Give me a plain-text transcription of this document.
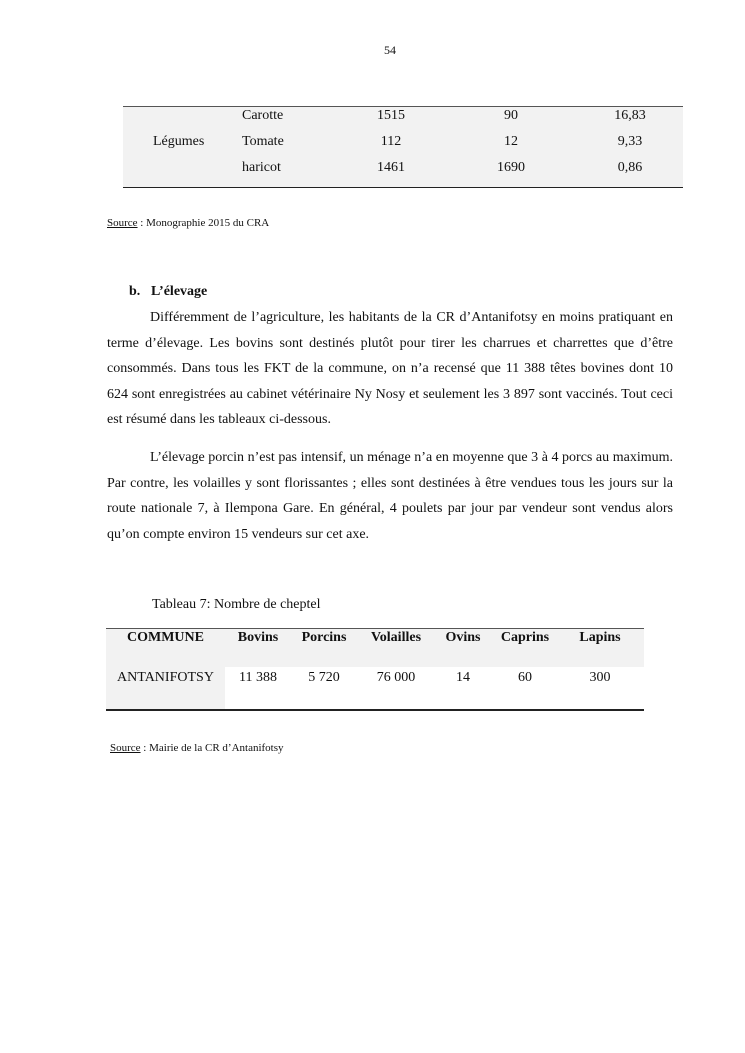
54
Légumes
Carotte	1515	90	16,83
Tomate	112	12	9,33
haricot	1461	1690	0,86
Source : Monographie 2015 du CRA
b. L’élevage

Différemment de l’agriculture, les habitants de la CR d’Antanifotsy en moins pratiquant en terme d’élevage. Les bovins sont destinés plutôt pour tirer les charrues et charrettes que d’être consommés. Dans tous les FKT de la commune, on n’a recensé que 11 388 têtes bovines dont 10 624 sont enregistrées au cabinet vétérinaire Ny Nosy et seulement les 3 897 sont vaccinés. Tout ceci est résumé dans les tableaux ci-dessous.

L’élevage porcin n’est pas intensif, un ménage n’a en moyenne que 3 à 4 porcs au maximum. Par contre, les volailles y sont florissantes ; elles sont destinées à être vendues tous les jours sur la route nationale 7, à Ilempona Gare. En général, 4 poulets par jour par vendeur sont vendus alors qu’on compte environ 15 vendeurs sur cet axe.

Tableau 7: Nombre de cheptel
COMMUNE	Bovins	Porcins	Volailles	Ovins	Caprins	Lapins
ANTANIFOTSY	11 388	5 720	76 000	14	60	300
Source : Mairie de la CR d’Antanifotsy
